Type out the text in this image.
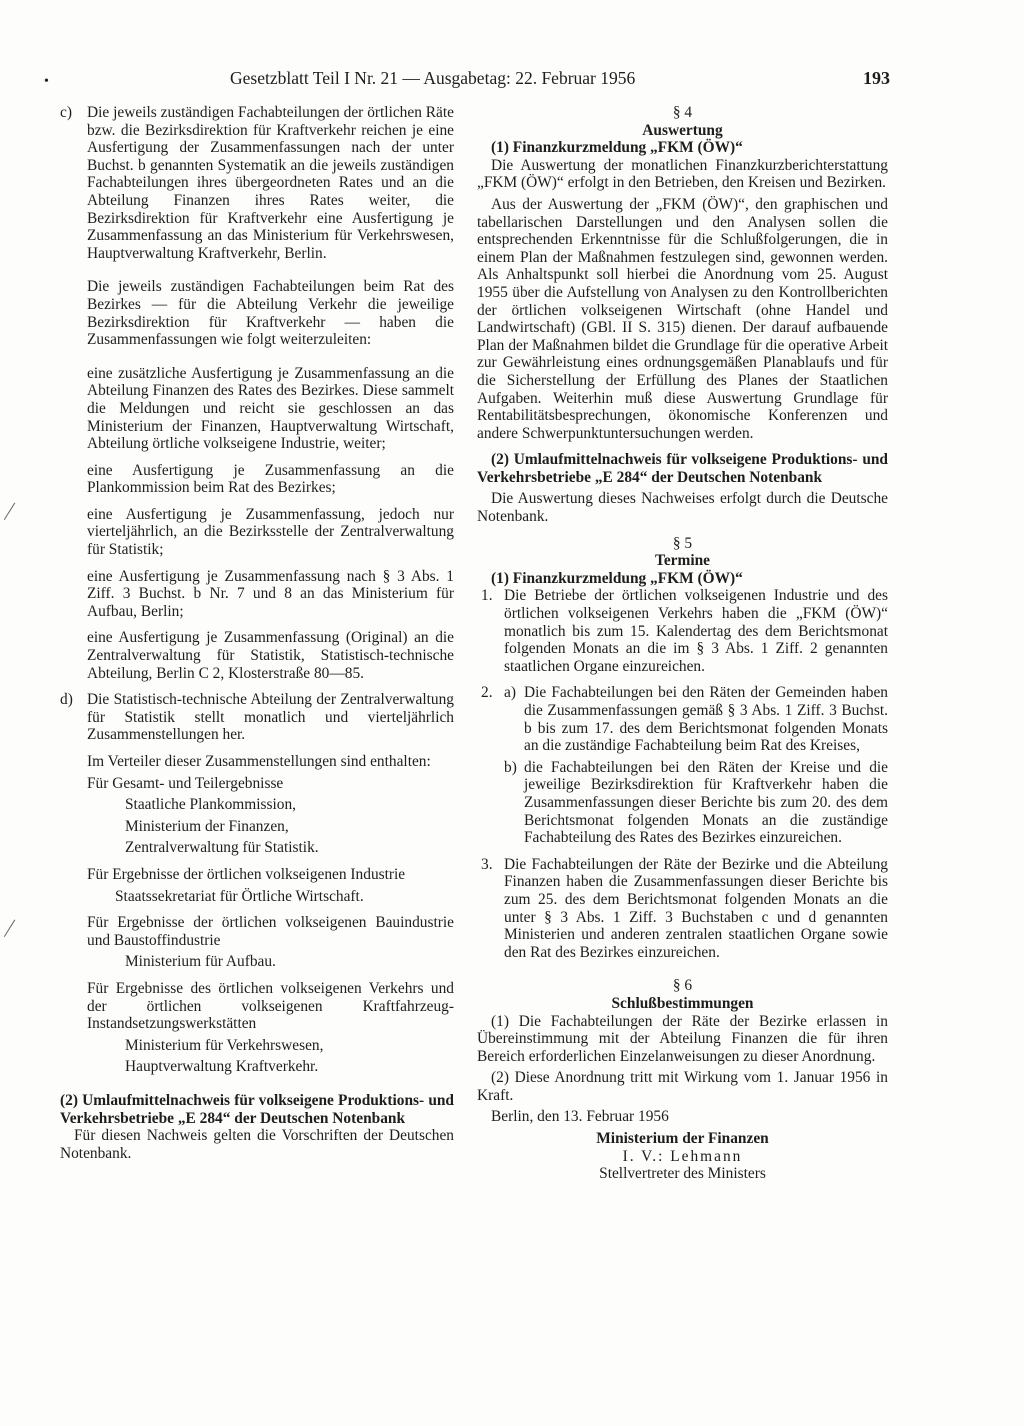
•	Gesetzblatt Teil I Nr. 21 — Ausgabetag: 22. Februar 1956	193
c) Die jeweils zuständigen Fachabteilungen der örtlichen Räte bzw. die Bezirksdirektion für Kraftverkehr reichen je eine Ausfertigung der Zusammenfassungen nach der unter Buchst. b genannten Systematik an die jeweils zuständigen Fachabteilungen ihres übergeordneten Rates und an die Abteilung Finanzen ihres Rates weiter, die Bezirksdirektion für Kraftverkehr eine Ausfertigung je Zusammenfassung an das Ministerium für Verkehrswesen, Hauptverwaltung Kraftverkehr, Berlin.

Die jeweils zuständigen Fachabteilungen beim Rat des Bezirkes — für die Abteilung Verkehr die jeweilige Bezirksdirektion für Kraftverkehr — haben die Zusammenfassungen wie folgt weiterzuleiten:

eine zusätzliche Ausfertigung je Zusammenfassung an die Abteilung Finanzen des Rates des Bezirkes. Diese sammelt die Meldungen und reicht sie geschlossen an das Ministerium der Finanzen, Hauptverwaltung Wirtschaft, Abteilung örtliche volkseigene Industrie, weiter;

eine Ausfertigung je Zusammenfassung an die Plankommission beim Rat des Bezirkes;

eine Ausfertigung je Zusammenfassung, jedoch nur vierteljährlich, an die Bezirksstelle der Zentralverwaltung für Statistik;

eine Ausfertigung je Zusammenfassung nach § 3 Abs. 1 Ziff. 3 Buchst. b Nr. 7 und 8 an das Ministerium für Aufbau, Berlin;

eine Ausfertigung je Zusammenfassung (Original) an die Zentralverwaltung für Statistik, Statistisch-technische Abteilung, Berlin C 2, Klosterstraße 80—85.

d) Die Statistisch-technische Abteilung der Zentralverwaltung für Statistik stellt monatlich und vierteljährlich Zusammenstellungen her.

Im Verteiler dieser Zusammenstellungen sind enthalten:

Für Gesamt- und Teilergebnisse

Staatliche Plankommission,

Ministerium der Finanzen,

Zentralverwaltung für Statistik.

Für Ergebnisse der örtlichen volkseigenen Industrie

Staatssekretariat für Örtliche Wirtschaft.

Für Ergebnisse der örtlichen volkseigenen Bauindustrie und Baustoffindustrie

Ministerium für Aufbau.

Für Ergebnisse des örtlichen volkseigenen Verkehrs und der örtlichen volkseigenen Kraftfahrzeug-Instandsetzungswerkstätten

Ministerium für Verkehrswesen,

Hauptverwaltung Kraftverkehr.

(2) Umlaufmittelnachweis für volkseigene Produktions- und Verkehrsbetriebe „E 284“ der Deutschen Notenbank

Für diesen Nachweis gelten die Vorschriften der Deutschen Notenbank.

§ 4

Auswertung

(1) Finanzkurzmeldung „FKM (ÖW)“

Die Auswertung der monatlichen Finanzkurzberichterstattung „FKM (ÖW)“ erfolgt in den Betrieben, den Kreisen und Bezirken.

Aus der Auswertung der „FKM (ÖW)“, den graphischen und tabellarischen Darstellungen und den Analysen sollen die entsprechenden Erkenntnisse für die Schlußfolgerungen, die in einem Plan der Maßnahmen festzulegen sind, gewonnen werden. Als Anhaltspunkt soll hierbei die Anordnung vom 25. August 1955 über die Aufstellung von Analysen zu den Kontrollberichten der örtlichen volkseigenen Wirtschaft (ohne Handel und Landwirtschaft) (GBl. II S. 315) dienen. Der darauf aufbauende Plan der Maßnahmen bildet die Grundlage für die operative Arbeit zur Gewährleistung eines ordnungsgemäßen Planablaufs und für die Sicherstellung der Erfüllung des Planes der Staatlichen Aufgaben. Weiterhin muß diese Auswertung Grundlage für Rentabilitätsbesprechungen, ökonomische Konferenzen und andere Schwerpunktuntersuchungen werden.

(2) Umlaufmittelnachweis für volkseigene Produktions- und Verkehrsbetriebe „E 284“ der Deutschen Notenbank

Die Auswertung dieses Nachweises erfolgt durch die Deutsche Notenbank.

§ 5

Termine

(1) Finanzkurzmeldung „FKM (ÖW)“

1. Die Betriebe der örtlichen volkseigenen Industrie und des örtlichen volkseigenen Verkehrs haben die „FKM (ÖW)“ monatlich bis zum 15. Kalendertag des dem Berichtsmonat folgenden Monats an die im § 3 Abs. 1 Ziff. 2 genannten staatlichen Organe einzureichen.

2. a) Die Fachabteilungen bei den Räten der Gemeinden haben die Zusammenfassungen gemäß § 3 Abs. 1 Ziff. 3 Buchst. b bis zum 17. des dem Berichtsmonat folgenden Monats an die zuständige Fachabteilung beim Rat des Kreises,

b) die Fachabteilungen bei den Räten der Kreise und die jeweilige Bezirksdirektion für Kraftverkehr haben die Zusammenfassungen dieser Berichte bis zum 20. des dem Berichtsmonat folgenden Monats an die zuständige Fachabteilung des Rates des Bezirkes einzureichen.

3. Die Fachabteilungen der Räte der Bezirke und die Abteilung Finanzen haben die Zusammenfassungen dieser Berichte bis zum 25. des dem Berichtsmonat folgenden Monats an die unter § 3 Abs. 1 Ziff. 3 Buchstaben c und d genannten Ministerien und anderen zentralen staatlichen Organe sowie den Rat des Bezirkes einzureichen.

§ 6

Schlußbestimmungen

(1) Die Fachabteilungen der Räte der Bezirke erlassen in Übereinstimmung mit der Abteilung Finanzen die für ihren Bereich erforderlichen Einzelanweisungen zu dieser Anordnung.

(2) Diese Anordnung tritt mit Wirkung vom 1. Januar 1956 in Kraft.

Berlin, den 13. Februar 1956

Ministerium der Finanzen

I. V.: Lehmann

Stellvertreter des Ministers
